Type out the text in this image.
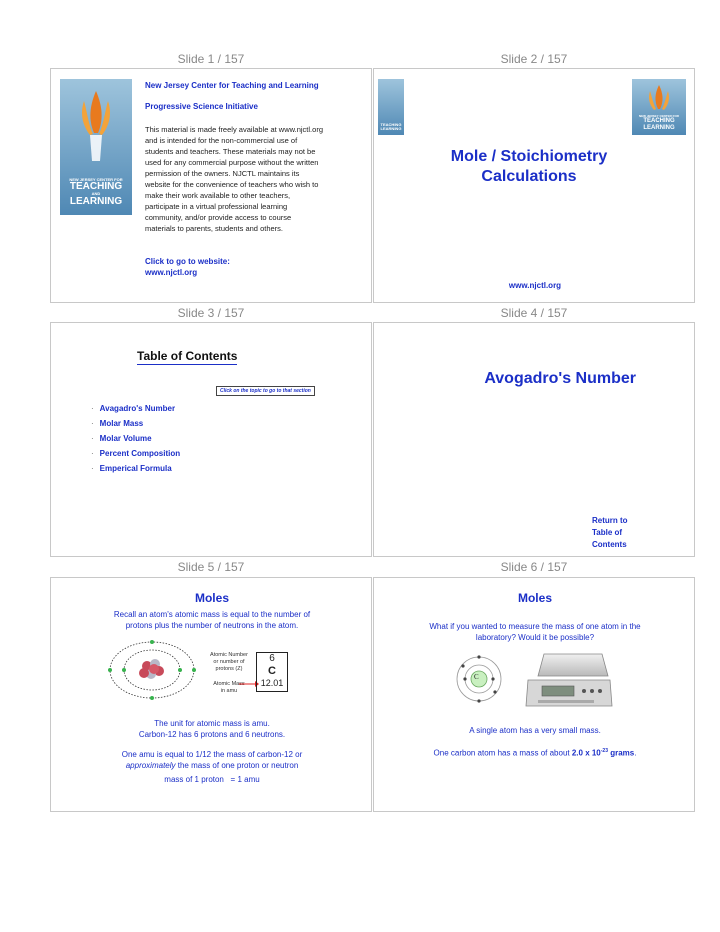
Slide 1 / 157
NEW JERSEY CENTER FOR
TEACHING
AND
LEARNING
New Jersey Center for Teaching and Learning
Progressive Science Initiative
This material is made freely available at www.njctl.org
and is intended for the non-commercial use of
students and teachers. These materials may not be
used for any commercial purpose without the written
permission of the owners. NJCTL maintains its
website for the convenience of teachers who wish to
make their work available to other teachers,
participate in a virtual professional learning
community, and/or provide access to course
materials to parents, students and others.
Click to go to website:
www.njctl.org
Slide 2 / 157
TEACHING
LEARNING
NEW JERSEY CENTER FOR
TEACHING
LEARNING
Mole / Stoichiometry
Calculations
www.njctl.org
Slide 3 / 157
Table of Contents
Click on the topic to go to that section
· Avagadro's Number
· Molar Mass
· Molar Volume
· Percent Composition
· Emperical Formula
Slide 4 / 157
Avogadro's Number
Return to
Table of
Contents
Slide 5 / 157
Moles
Recall an atom's atomic mass is equal to the number of
protons plus the number of neutrons in the atom.
Atomic Number
or number of
protons (Z)
Atomic Mass
in amu
6
C
12.01
The unit for atomic mass is amu.
Carbon-12 has 6 protons and 6 neutrons.
One amu is equal to 1/12 the mass of carbon-12 or
approximately the mass of one proton or neutron
mass of 1 proton   = 1 amu
Slide 6 / 157
Moles
What if you wanted to measure the mass of one atom in the
laboratory? Would it be possible?
C
A single atom has a very small mass.
One carbon atom has a mass of about 2.0 x $10^{-23}$ grams.
